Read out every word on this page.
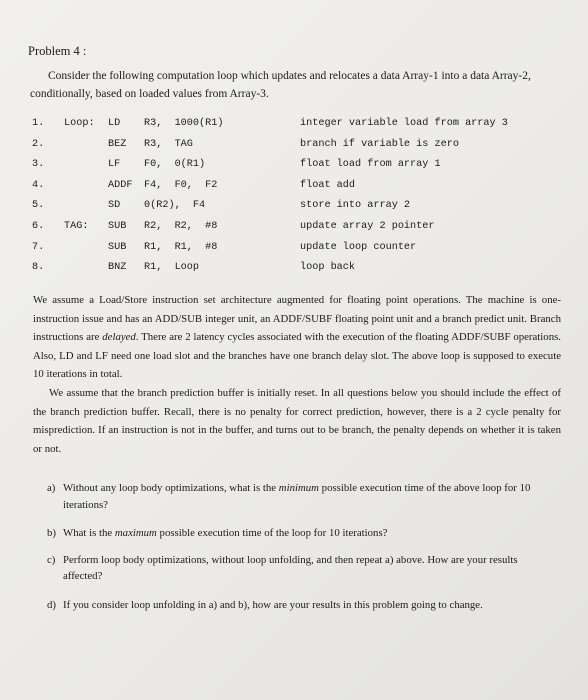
Problem 4 :
Consider the following computation loop which updates and relocates a data Array-1 into a data Array-2, conditionally, based on loaded values from Array-3.
1. Loop: LD R3,  1000(R1)	integer variable load from array 3
2.	BEZ R3,  TAG	branch if variable is zero
3.	LF F0,  0(R1)	float load from array 1
4.	ADDF F4,  F0,  F2	float add
5.	SD 0(R2),  F4	store into array 2
6. TAG: SUB R2,  R2,  #8	update array 2 pointer
7.	SUB R1,  R1,  #8	update loop counter
8.	BNZ R1,  Loop	loop back

We assume a Load/Store instruction set architecture augmented for floating point operations. The machine is one-instruction issue and has an ADD/SUB integer unit, an ADDF/SUBF floating point unit and a branch predict unit. Branch instructions are delayed. There are 2 latency cycles associated with the execution of the floating ADDF/SUBF operations. Also, LD and LF need one load slot and the branches have one branch delay slot. The above loop is supposed to execute 10 iterations in total.

We assume that the branch prediction buffer is initially reset. In all questions below you should include the effect of the branch prediction buffer. Recall, there is no penalty for correct prediction, however, there is a 2 cycle penalty for misprediction. If an instruction is not in the buffer, and turns out to be branch, the penalty depends on whether it is taken or not.

a) Without any loop body optimizations, what is the minimum possible execution time of the above loop for 10 iterations?
b) What is the maximum possible execution time of the loop for 10 iterations?
c) Perform loop body optimizations, without loop unfolding, and then repeat a) above. How are your results affected?
d) If you consider loop unfolding in a) and b), how are your results in this problem going to change.
